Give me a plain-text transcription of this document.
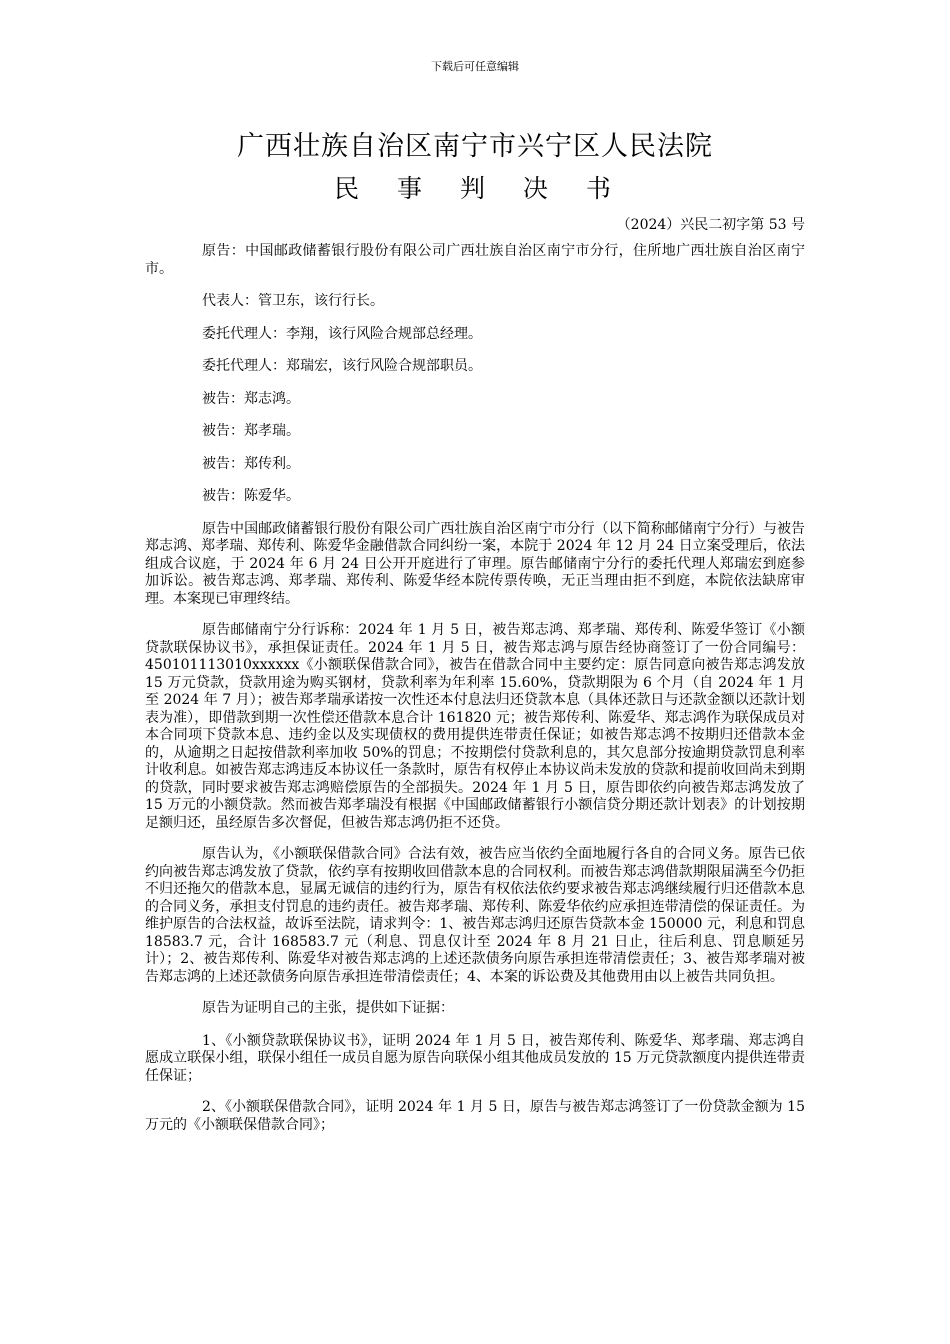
下载后可任意编辑
广西壮族自治区南宁市兴宁区人民法院
民 事 判 决 书
（2024）兴民二初字第 53 号

原告：中国邮政储蓄银行股份有限公司广西壮族自治区南宁市分行，住所地广西壮族自治区南宁市。

代表人：管卫东，该行行长。

委托代理人：李翔，该行风险合规部总经理。

委托代理人：郑瑞宏，该行风险合规部职员。

被告：郑志鸿。

被告：郑孝瑞。

被告：郑传利。

被告：陈爱华。

原告中国邮政储蓄银行股份有限公司广西壮族自治区南宁市分行（以下简称邮储南宁分行）与被告郑志鸿、郑孝瑞、郑传利、陈爱华金融借款合同纠纷一案，本院于 2024 年 12 月 24 日立案受理后，依法组成合议庭，于 2024 年 6 月 24 日公开开庭进行了审理。原告邮储南宁分行的委托代理人郑瑞宏到庭参加诉讼。被告郑志鸿、郑孝瑞、郑传利、陈爱华经本院传票传唤，无正当理由拒不到庭，本院依法缺席审理。本案现已审理终结。

原告邮储南宁分行诉称：2024 年 1 月 5 日，被告郑志鸿、郑孝瑞、郑传利、陈爱华签订《小额贷款联保协议书》，承担保证责任。2024 年 1 月 5 日，被告郑志鸿与原告经协商签订了一份合同编号：450101113010xxxxxx《小额联保借款合同》，被告在借款合同中主要约定：原告同意向被告郑志鸿发放 15 万元贷款，贷款用途为购买钢材，贷款利率为年利率 15.60%，贷款期限为 6 个月（自 2024 年 1 月至 2024 年 7 月）；被告郑孝瑞承诺按一次性还本付息法归还贷款本息（具体还款日与还款金额以还款计划表为准），即借款到期一次性偿还借款本息合计 161820 元；被告郑传利、陈爱华、郑志鸿作为联保成员对本合同项下贷款本息、违约金以及实现债权的费用提供连带责任保证；如被告郑志鸿不按期归还借款本金的，从逾期之日起按借款利率加收 50%的罚息；不按期偿付贷款利息的，其欠息部分按逾期贷款罚息利率计收利息。如被告郑志鸿违反本协议任一条款时，原告有权停止本协议尚未发放的贷款和提前收回尚未到期的贷款，同时要求被告郑志鸿赔偿原告的全部损失。2024 年 1 月 5 日，原告即依约向被告郑志鸿发放了 15 万元的小额贷款。然而被告郑孝瑞没有根据《中国邮政储蓄银行小额信贷分期还款计划表》的计划按期足额归还，虽经原告多次督促，但被告郑志鸿仍拒不还贷。

原告认为，《小额联保借款合同》合法有效，被告应当依约全面地履行各自的合同义务。原告已依约向被告郑志鸿发放了贷款，依约享有按期收回借款本息的合同权利。而被告郑志鸿借款期限届满至今仍拒不归还拖欠的借款本息，显属无诚信的违约行为，原告有权依法依约要求被告郑志鸿继续履行归还借款本息的合同义务，承担支付罚息的违约责任。被告郑孝瑞、郑传利、陈爱华依约应承担连带清偿的保证责任。为维护原告的合法权益，故诉至法院，请求判令：1、被告郑志鸿归还原告贷款本金 150000 元，利息和罚息 18583.7 元，合计 168583.7 元（利息、罚息仅计至 2024 年 8 月 21 日止，往后利息、罚息顺延另计）；2、被告郑传利、陈爱华对被告郑志鸿的上述还款债务向原告承担连带清偿责任；3、被告郑孝瑞对被告郑志鸿的上述还款债务向原告承担连带清偿责任；4、本案的诉讼费及其他费用由以上被告共同负担。

原告为证明自己的主张，提供如下证据：

1、《小额贷款联保协议书》，证明 2024 年 1 月 5 日，被告郑传利、陈爱华、郑孝瑞、郑志鸿自愿成立联保小组，联保小组任一成员自愿为原告向联保小组其他成员发放的 15 万元贷款额度内提供连带责任保证；

2、《小额联保借款合同》，证明 2024 年 1 月 5 日，原告与被告郑志鸿签订了一份贷款金额为 15 万元的《小额联保借款合同》；
